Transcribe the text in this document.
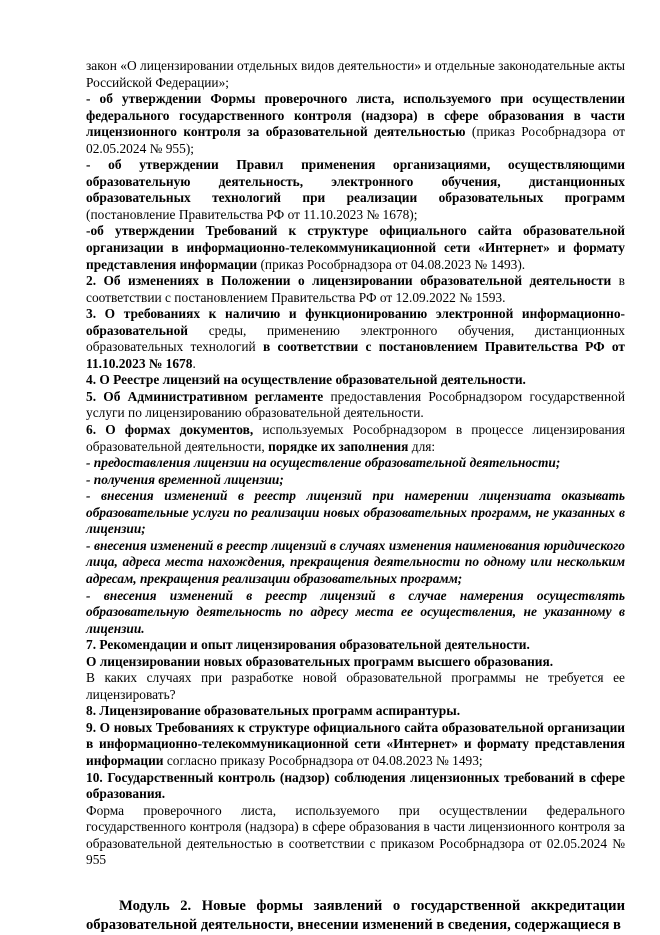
закон «О лицензировании отдельных видов деятельности» и отдельные законодательные акты Российской Федерации»;

- об утверждении Формы проверочного листа, используемого при осуществлении федерального государственного контроля (надзора) в сфере образования в части лицензионного контроля за образовательной деятельностью (приказ Рособрнадзора от 02.05.2024 № 955);

- об утверждении Правил применения организациями, осуществляющими образовательную деятельность, электронного обучения, дистанционных образовательных технологий при реализации образовательных программ (постановление Правительства РФ от 11.10.2023 № 1678);

-об утверждении Требований к структуре официального сайта образовательной организации в информационно-телекоммуникационной сети «Интернет» и формату представления информации (приказ Рособрнадзора от 04.08.2023 № 1493).

2. Об изменениях в Положении о лицензировании образовательной деятельности в соответствии с постановлением Правительства РФ от 12.09.2022 № 1593.

3. О требованиях к наличию и функционированию электронной информационно-образовательной среды, применению электронного обучения, дистанционных образовательных технологий в соответствии с постановлением Правительства РФ от 11.10.2023 № 1678.

4. О Реестре лицензий на осуществление образовательной деятельности.

5. Об Административном регламенте предоставления Рособрнадзором государственной услуги по лицензированию образовательной деятельности.

6. О формах документов, используемых Рособрнадзором в процессе лицензирования образовательной деятельности, порядке их заполнения для:

- предоставления лицензии на осуществление образовательной деятельности;

- получения временной лицензии;

- внесения изменений в реестр лицензий при намерении лицензиата оказывать образовательные услуги по реализации новых образовательных программ, не указанных в лицензии;

- внесения изменений в реестр лицензий в случаях изменения наименования юридического лица, адреса места нахождения, прекращения деятельности по одному или нескольким адресам, прекращения реализации образовательных программ;

- внесения изменений в реестр лицензий в случае намерения осуществлять образовательную деятельность по адресу места ее осуществления, не указанному в лицензии.

7. Рекомендации и опыт лицензирования образовательной деятельности.

О лицензировании новых образовательных программ высшего образования.

В каких случаях при разработке новой образовательной программы не требуется ее лицензировать?

8. Лицензирование образовательных программ аспирантуры.

9. О новых Требованиях к структуре официального сайта образовательной организации в информационно-телекоммуникационной сети «Интернет» и формату представления информации согласно приказу Рособрнадзора от 04.08.2023 № 1493;

10. Государственный контроль (надзор) соблюдения лицензионных требований в сфере образования.

Форма проверочного листа, используемого при осуществлении федерального государственного контроля (надзора) в сфере образования в части лицензионного контроля за образовательной деятельностью в соответствии с приказом Рособрнадзора от 02.05.2024 № 955

Модуль 2. Новые формы заявлений о государственной аккредитации образовательной деятельности, внесении изменений в сведения, содержащиеся в
